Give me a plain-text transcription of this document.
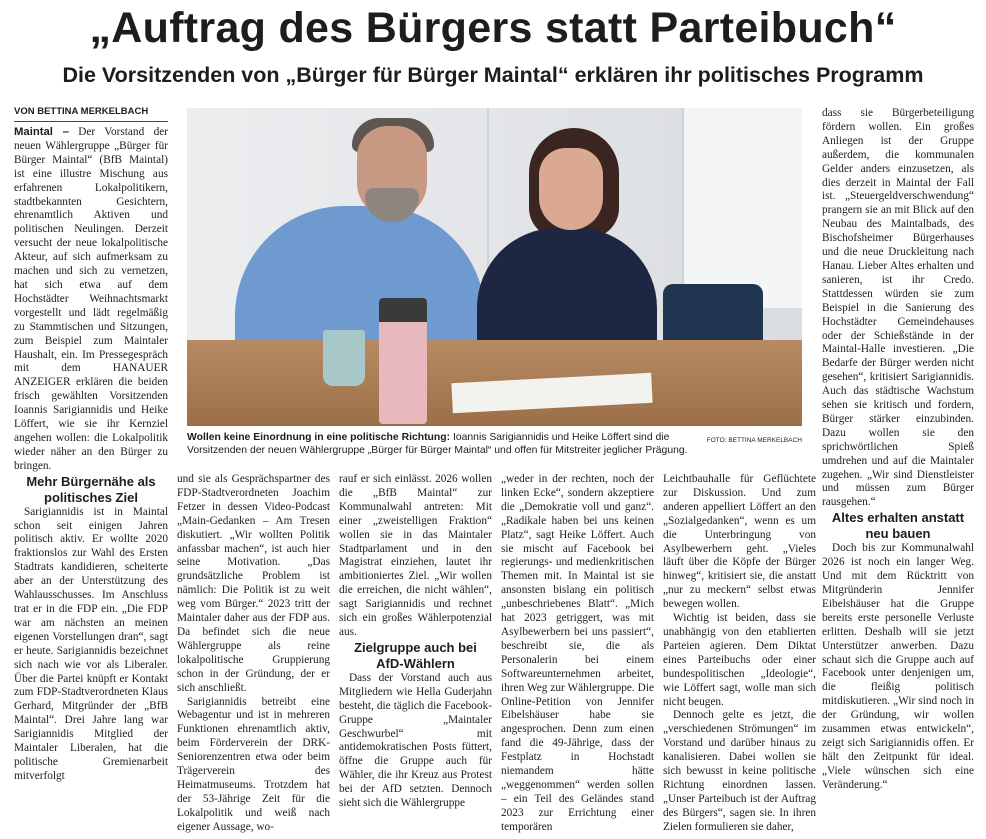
„Auftrag des Bürgers statt Parteibuch“
Die Vorsitzenden von „Bürger für Bürger Maintal“ erklären ihr politisches Programm
VON BETTINA MERKELBACH

Maintal – Der Vorstand der neuen Wählergruppe „Bürger für Bürger Maintal“ (BfB Maintal) ist eine illustre Mischung aus erfahrenen Lokalpolitikern, stadtbekannten Gesichtern, ehrenamtlich Aktiven und politischen Neulingen. Derzeit versucht der neue lokalpolitische Akteur, auf sich aufmerksam zu machen und sich zu vernetzen, hat sich etwa auf dem Hochstädter Weihnachtsmarkt vorgestellt und lädt regelmäßig zu Stammtischen und Sitzungen, zum Beispiel zum Maintaler Haushalt, ein. Im Pressegespräch mit dem HANAUER ANZEIGER erklären die beiden frisch gewählten Vorsitzenden Ioannis Sarigiannidis und Heike Löffert, wie sie ihr Kernziel angehen wollen: die Lokalpolitik wieder näher an den Bürger zu bringen.

Mehr Bürgernähe als politisches Ziel

Sarigiannidis ist in Maintal schon seit einigen Jahren politisch aktiv. Er wollte 2020 fraktionslos zur Wahl des Ersten Stadtrats kandidieren, scheiterte aber an der Unterstützung des Wahlausschusses. Im Anschluss trat er in die FDP ein. „Die FDP war am nächsten an meinen eigenen Vorstellungen dran“, sagt er heute. Sarigiannidis bezeichnet sich nach wie vor als Liberaler. Über die Partei knüpft er Kontakt zum FDP-Stadtverordneten Klaus Gerhard, Mitgründer der „BfB Maintal“. Drei Jahre lang war Sarigiannidis Mitglied der Maintaler Liberalen, hat die politische Gremienarbeit mitverfolgt

FOTO: BETTINA MERKELBACH
Wollen keine Einordnung in eine politische Richtung: Ioannis Sarigiannidis und Heike Löffert sind die Vorsitzenden der neuen Wählergruppe „Bürger für Bürger Maintal“ und offen für Mitstreiter jeglicher Prägung.

und sie als Gesprächspartner des FDP-Stadtverordneten Joachim Fetzer in dessen Video-Podcast „Main-Gedanken – Am Tresen diskutiert. „Wir wollten Politik anfassbar machen“, ist auch hier seine Motivation. „Das grundsätzliche Problem ist nämlich: Die Politik ist zu weit weg vom Bürger.“ 2023 tritt der Maintaler daher aus der FDP aus. Da befindet sich die neue Wählergruppe als reine lokalpolitische Gruppierung schon in der Gründung, der er sich anschließt.

Sarigiannidis betreibt eine Webagentur und ist in mehreren Funktionen ehrenamtlich aktiv, beim Förderverein der DRK-Seniorenzentren etwa oder beim Trägerverein des Heimatmuseums. Trotzdem hat der 53-Jährige Zeit für die Lokalpolitik und weiß nach eigener Aussage, wo-

rauf er sich einlässt. 2026 wollen die „BfB Maintal“ zur Kommunalwahl antreten: Mit einer „zweistelligen Fraktion“ wollen sie in das Maintaler Stadtparlament und in den Magistrat einziehen, lautet ihr ambitioniertes Ziel. „Wir wollen die erreichen, die nicht wählen“, sagt Sarigiannidis und rechnet sich ein großes Wählerpotenzial aus.

Zielgruppe auch bei AfD-Wählern

Dass der Vorstand auch aus Mitgliedern wie Hella Guderjahn besteht, die täglich die Facebook-Gruppe „Maintaler Geschwurbel“ mit antidemokratischen Posts füttert, öffne die Gruppe auch für Wähler, die ihr Kreuz aus Protest bei der AfD setzten. Dennoch sieht sich die Wählergruppe

„weder in der rechten, noch der linken Ecke“, sondern akzeptiere die „Demokratie voll und ganz“. „Radikale haben bei uns keinen Platz“, sagt Heike Löffert. Auch sie mischt auf Facebook bei regierungs- und medienkritischen Themen mit. In Maintal ist sie ansonsten bislang ein politisch „unbeschriebenes Blatt“. „Mich hat 2023 getriggert, was mit Asylbewerbern bei uns passiert“, beschreibt sie, die als Personalerin bei einem Softwareunternehmen arbeitet, ihren Weg zur Wählergruppe. Die Online-Petition von Jennifer Eibelshäuser habe sie angesprochen. Denn zum einen fand die 49-Jährige, dass der Festplatz in Hochstadt niemandem hätte „weggenommen“ werden sollen – ein Teil des Geländes stand 2023 zur Errichtung einer temporären

Leichtbauhalle für Geflüchtete zur Diskussion. Und zum anderen appelliert Löffert an den „Sozialgedanken“, wenn es um die Unterbringung von Asylbewerbern geht. „Vieles läuft über die Köpfe der Bürger hinweg“, kritisiert sie, die anstatt „nur zu meckern“ selbst etwas bewegen wollen.

Wichtig ist beiden, dass sie unabhängig von den etablierten Parteien agieren. Dem Diktat eines Parteibuchs oder einer bundespolitischen „Ideologie“, wie Löffert sagt, wolle man sich nicht beugen.

Dennoch gelte es jetzt, die „verschiedenen Strömungen“ im Vorstand und darüber hinaus zu kanalisieren. Dabei wollen sie sich bewusst in keine politische Richtung einordnen lassen. „Unser Parteibuch ist der Auftrag des Bürgers“, sagen sie. In ihren Zielen formulieren sie daher,

dass sie Bürgerbeteiligung fördern wollen. Ein großes Anliegen ist der Gruppe außerdem, die kommunalen Gelder anders einzusetzen, als dies derzeit in Maintal der Fall ist. „Steuergeldverschwendung“ prangern sie an mit Blick auf den Neubau des Maintalbads, des Bischofsheimer Bürgerhauses und die neue Druckleitung nach Hanau. Lieber Altes erhalten und sanieren, ist ihr Credo. Stattdessen würden sie zum Beispiel in die Sanierung des Hochstädter Gemeindehauses oder der Schießstände in der Maintal-Halle investieren. „Die Bedarfe der Bürger werden nicht gesehen“, kritisiert Sarigiannidis. Auch das städtische Wachstum sehen sie kritisch und fordern, Bürger stärker einzubinden. Dazu wollen sie den sprichwörtlichen Spieß umdrehen und auf die Maintaler zugehen. „Wir sind Dienstleister und müssen zum Bürger rausgehen.“

Altes erhalten anstatt neu bauen

Doch bis zur Kommunalwahl 2026 ist noch ein langer Weg. Und mit dem Rücktritt von Mitgründerin Jennifer Eibelshäuser hat die Gruppe bereits erste personelle Verluste erlitten. Deshalb will sie jetzt Unterstützer anwerben. Dazu schaut sich die Gruppe auch auf Facebook unter denjenigen um, die fleißig politisch mitdiskutieren. „Wir sind noch in der Gründung, wir wollen zusammen etwas entwickeln“, zeigt sich Sarigiannidis offen. Er hält den Zeitpunkt für ideal. „Viele wünschen sich eine Veränderung.“
